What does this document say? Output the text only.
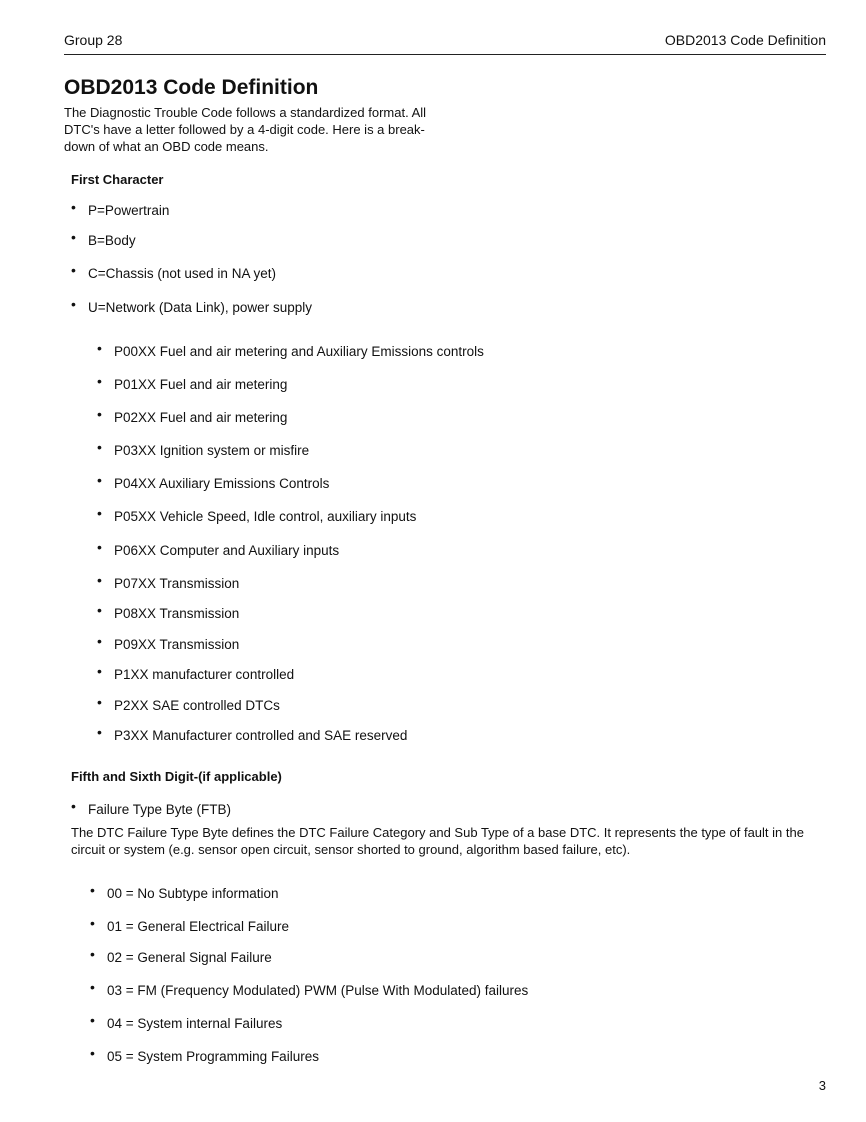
Group 28	OBD2013 Code Definition
OBD2013 Code Definition

The Diagnostic Trouble Code follows a standardized format. All DTC's have a letter followed by a 4-digit code. Here is a break-down of what an OBD code means.

First Character
• P=Powertrain
• B=Body
• C=Chassis (not used in NA yet)
• U=Network (Data Link), power supply
• P00XX Fuel and air metering and Auxiliary Emissions controls
• P01XX Fuel and air metering
• P02XX Fuel and air metering
• P03XX Ignition system or misfire
• P04XX Auxiliary Emissions Controls
• P05XX Vehicle Speed, Idle control, auxiliary inputs
• P06XX Computer and Auxiliary inputs
• P07XX Transmission
• P08XX Transmission
• P09XX Transmission
• P1XX manufacturer controlled
• P2XX SAE controlled DTCs
• P3XX Manufacturer controlled and SAE reserved
Fifth and Sixth Digit-(if applicable)
• Failure Type Byte (FTB)

The DTC Failure Type Byte defines the DTC Failure Category and Sub Type of a base DTC. It represents the type of fault in the circuit or system (e.g. sensor open circuit, sensor shorted to ground, algorithm based failure, etc).

• 00 = No Subtype information
• 01 = General Electrical Failure
• 02 = General Signal Failure
• 03 = FM (Frequency Modulated) PWM (Pulse With Modulated) failures
• 04 = System internal Failures
• 05 = System Programming Failures
3
